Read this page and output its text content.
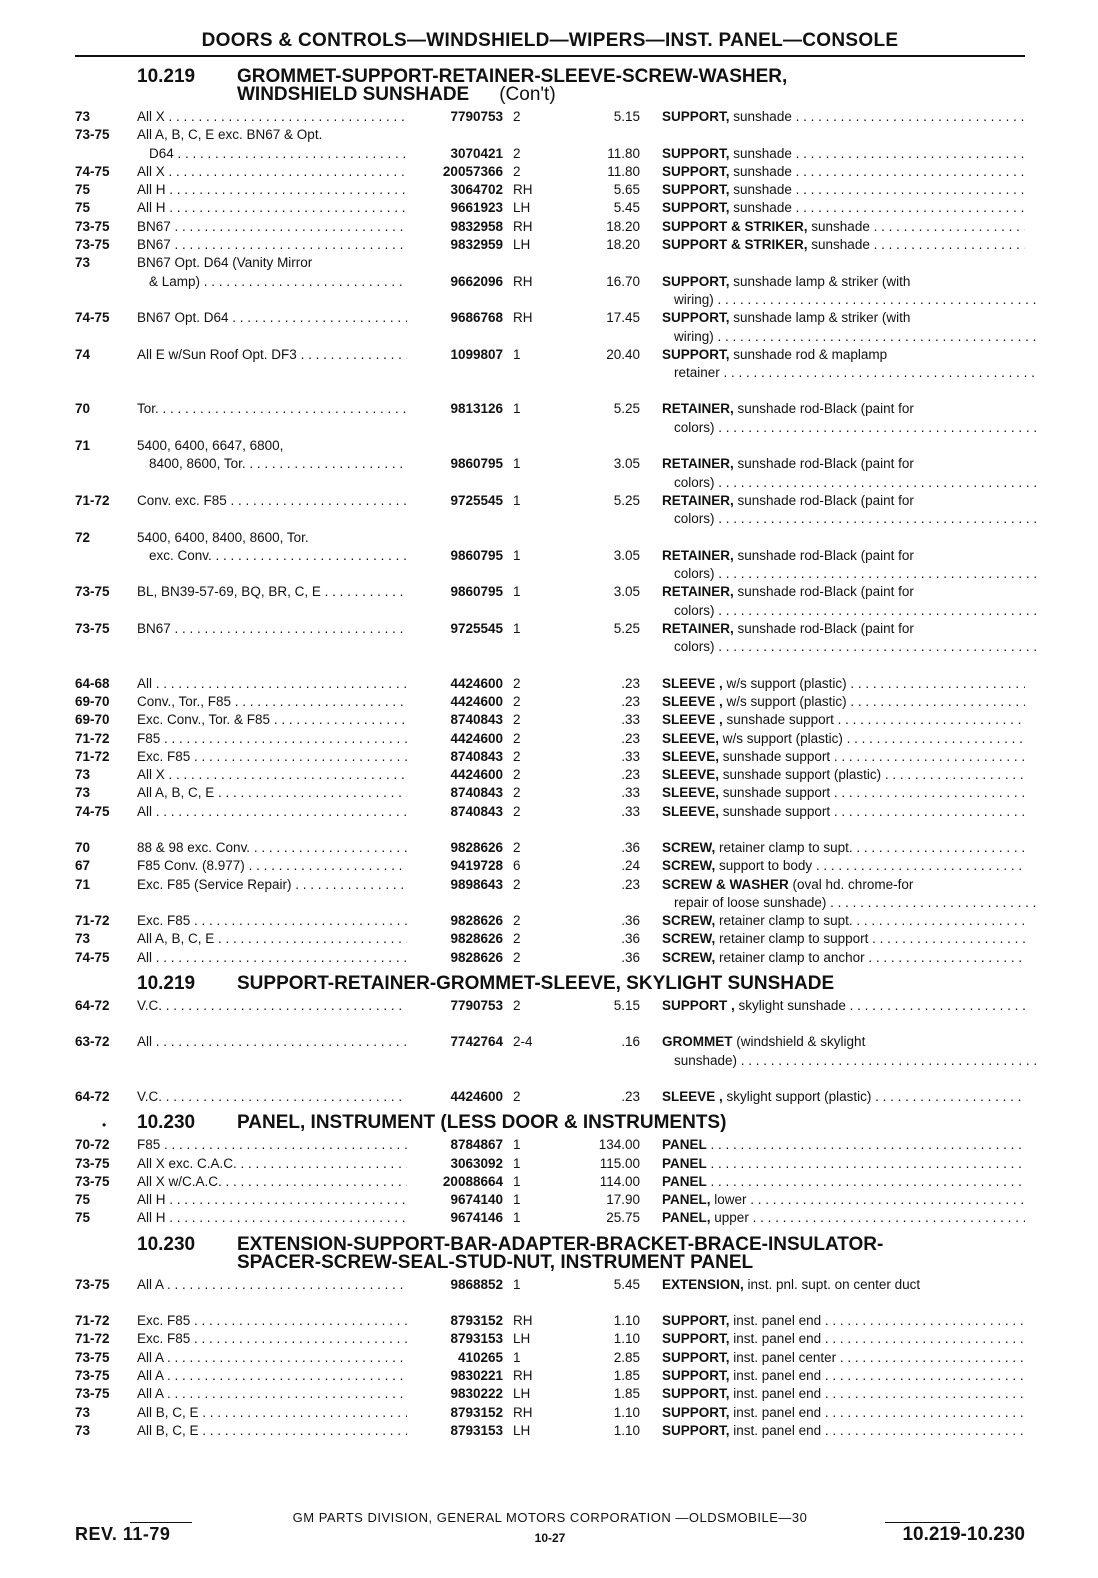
DOORS & CONTROLS—WINDSHIELD—WIPERS—INST. PANEL—CONSOLE
10.219 GROMMET-SUPPORT-RETAINER-SLEEVE-SCREW-WASHER,
WINDSHIELD SUNSHADE (Con't)
73	All X . . .	7790753 2	5.15 SUPPORT, sunshade . . .
73-75 All A, B, C, E exc. BN67 & Opt.
D64 . . .	3070421 2	11.80 SUPPORT, sunshade . . .
74-75 All X . . .	20057366 2	11.80 SUPPORT, sunshade . . .
75	All H . . .	3064702 RH	5.65 SUPPORT, sunshade . . .
75	All H . . .	9661923 LH	5.45 SUPPORT, sunshade . . .
73-75 BN67 . . .	9832958 RH	18.20 SUPPORT & STRIKER, sunshade . . .
73-75 BN67 . . .	9832959 LH	18.20 SUPPORT & STRIKER, sunshade . . .
73	BN67 Opt. D64 (Vanity Mirror
& Lamp) . . .	9662096 RH	16.70 SUPPORT, sunshade lamp & striker (with
wiring) . . .
74-75 BN67 Opt. D64 . . .	9686768 RH	17.45 SUPPORT, sunshade lamp & striker (with
wiring) . . .
74	All E w/Sun Roof Opt. DF3 . . .	1099807 1	20.40 SUPPORT, sunshade rod & maplamp
retainer . . .
70	Tor. . . .	9813126 1	5.25 RETAINER, sunshade rod-Black (paint for
colors) . . .
71	5400, 6400, 6647, 6800,
8400, 8600, Tor. . . .	9860795 1	3.05 RETAINER, sunshade rod-Black (paint for
colors) . . .
71-72 Conv. exc. F85 . . .	9725545 1	5.25 RETAINER, sunshade rod-Black (paint for
colors) . . .
72	5400, 6400, 8400, 8600, Tor.
exc. Conv. . . .	9860795 1	3.05 RETAINER, sunshade rod-Black (paint for
colors) . . .
73-75 BL, BN39-57-69, BQ, BR, C, E . . .	9860795 1	3.05 RETAINER, sunshade rod-Black (paint for
colors) . . .
73-75 BN67 . . .	9725545 1	5.25 RETAINER, sunshade rod-Black (paint for
colors) . . .
64-68 All . . .	4424600 2	.23 SLEEVE , w/s support (plastic) . . .
69-70 Conv., Tor., F85 . . .	4424600 2	.23 SLEEVE , w/s support (plastic) . . .
69-70 Exc. Conv., Tor. & F85 . . .	8740843 2	.33 SLEEVE , sunshade support . . .
71-72 F85 . . .	4424600 2	.23 SLEEVE, w/s support (plastic) . . .
71-72 Exc. F85 . . .	8740843 2	.33 SLEEVE, sunshade support . . .
73	All X . . .	4424600 2	.23 SLEEVE, sunshade support (plastic) . . .
73	All A, B, C, E . . .	8740843 2	.33 SLEEVE, sunshade support . . .
74-75 All . . .	8740843 2	.33 SLEEVE, sunshade support . . .
70	88 & 98 exc. Conv. . . .	9828626 2	.36 SCREW, retainer clamp to supt. . . .
67	F85 Conv. (8.977) . . .	9419728 6	.24 SCREW, support to body . . .
71	Exc. F85 (Service Repair) . . .	9898643 2	.23 SCREW & WASHER (oval hd. chrome-for
repair of loose sunshade) . . .
71-72 Exc. F85 . . .	9828626 2	.36 SCREW, retainer clamp to supt. . . .
73	All A, B, C, E . . .	9828626 2	.36 SCREW, retainer clamp to support . . .
74-75 All . . .	9828626 2	.36 SCREW, retainer clamp to anchor . . .
10.219 SUPPORT-RETAINER-GROMMET-SLEEVE, SKYLIGHT SUNSHADE
64-72 V.C. . . .	7790753 2	5.15 SUPPORT , skylight sunshade . . .
63-72 All . . .	7742764 2-4	.16 GROMMET (windshield & skylight
sunshade) . . .
64-72 V.C. . . .	4424600 2	.23 SLEEVE , skylight support (plastic) . . .
• 10.230 PANEL, INSTRUMENT (LESS DOOR & INSTRUMENTS)
70-72 F85 . . .	8784867 1	134.00 PANEL . . .
73-75 All X exc. C.A.C. . . .	3063092 1	115.00 PANEL . . .
73-75 All X w/C.A.C. . . .	20088664 1	114.00 PANEL . . .
75	All H . . .	9674140 1	17.90 PANEL, lower . . .
75	All H . . .	9674146 1	25.75 PANEL, upper . . .
10.230 EXTENSION-SUPPORT-BAR-ADAPTER-BRACKET-BRACE-INSULATOR-
SPACER-SCREW-SEAL-STUD-NUT, INSTRUMENT PANEL
73-75 All A . . .	9868852 1	5.45 EXTENSION, inst. pnl. supt. on center duct
71-72 Exc. F85 . . .	8793152 RH	1.10 SUPPORT, inst. panel end . . .
71-72 Exc. F85 . . .	8793153 LH	1.10 SUPPORT, inst. panel end . . .
73-75 All A . . .	410265 1	2.85 SUPPORT, inst. panel center . . .
73-75 All A . . .	9830221 RH	1.85 SUPPORT, inst. panel end . . .
73-75 All A . . .	9830222 LH	1.85 SUPPORT, inst. panel end . . .
73	All B, C, E . . .	8793152 RH	1.10 SUPPORT, inst. panel end . . .
73	All B, C, E . . .	8793153 LH	1.10 SUPPORT, inst. panel end . . .
GM PARTS DIVISION, GENERAL MOTORS CORPORATION —OLDSMOBILE—30
REV. 11-79	10-27	10.219-10.230
